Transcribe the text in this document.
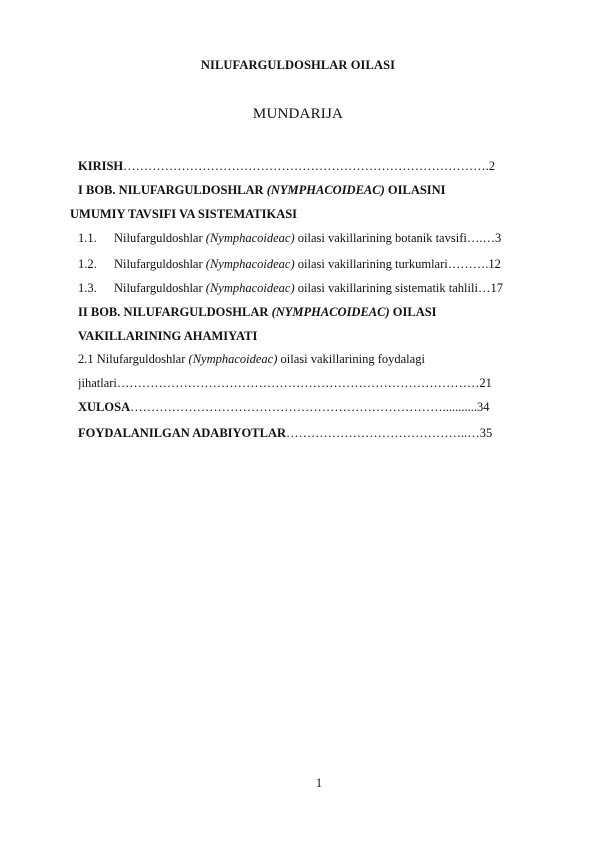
NILUFARGULDOSHLAR OILASI
MUNDARIJA
KIRISH…………………………………………………………………………….2
I BOB. NILUFARGULDOSHLAR (NYMPHACOIDEAC) OILASINI
UMUMIY TAVSIFI VA SISTEMATIKASI
1.1. Nilufarguldoshlar (Nymphacoideac) oilasi vakillarining botanik tavsifi….…3
1.2. Nilufarguldoshlar (Nymphacoideac) oilasi vakillarining turkumlari……….12
1.3. Nilufarguldoshlar (Nymphacoideac) oilasi vakillarining sistematik tahlili…17
II BOB. NILUFARGULDOSHLAR (NYMPHACOIDEAC) OILASI
VAKILLARINING AHAMIYATI
2.1 Nilufarguldoshlar (Nymphacoideac) oilasi vakillarining foydalagi
jihatlari……………………………………………………………………………21
XULOSA…………………………………………………………………...........34
FOYDALANILGAN ADABIYOTLAR……………………………………..…35
1
